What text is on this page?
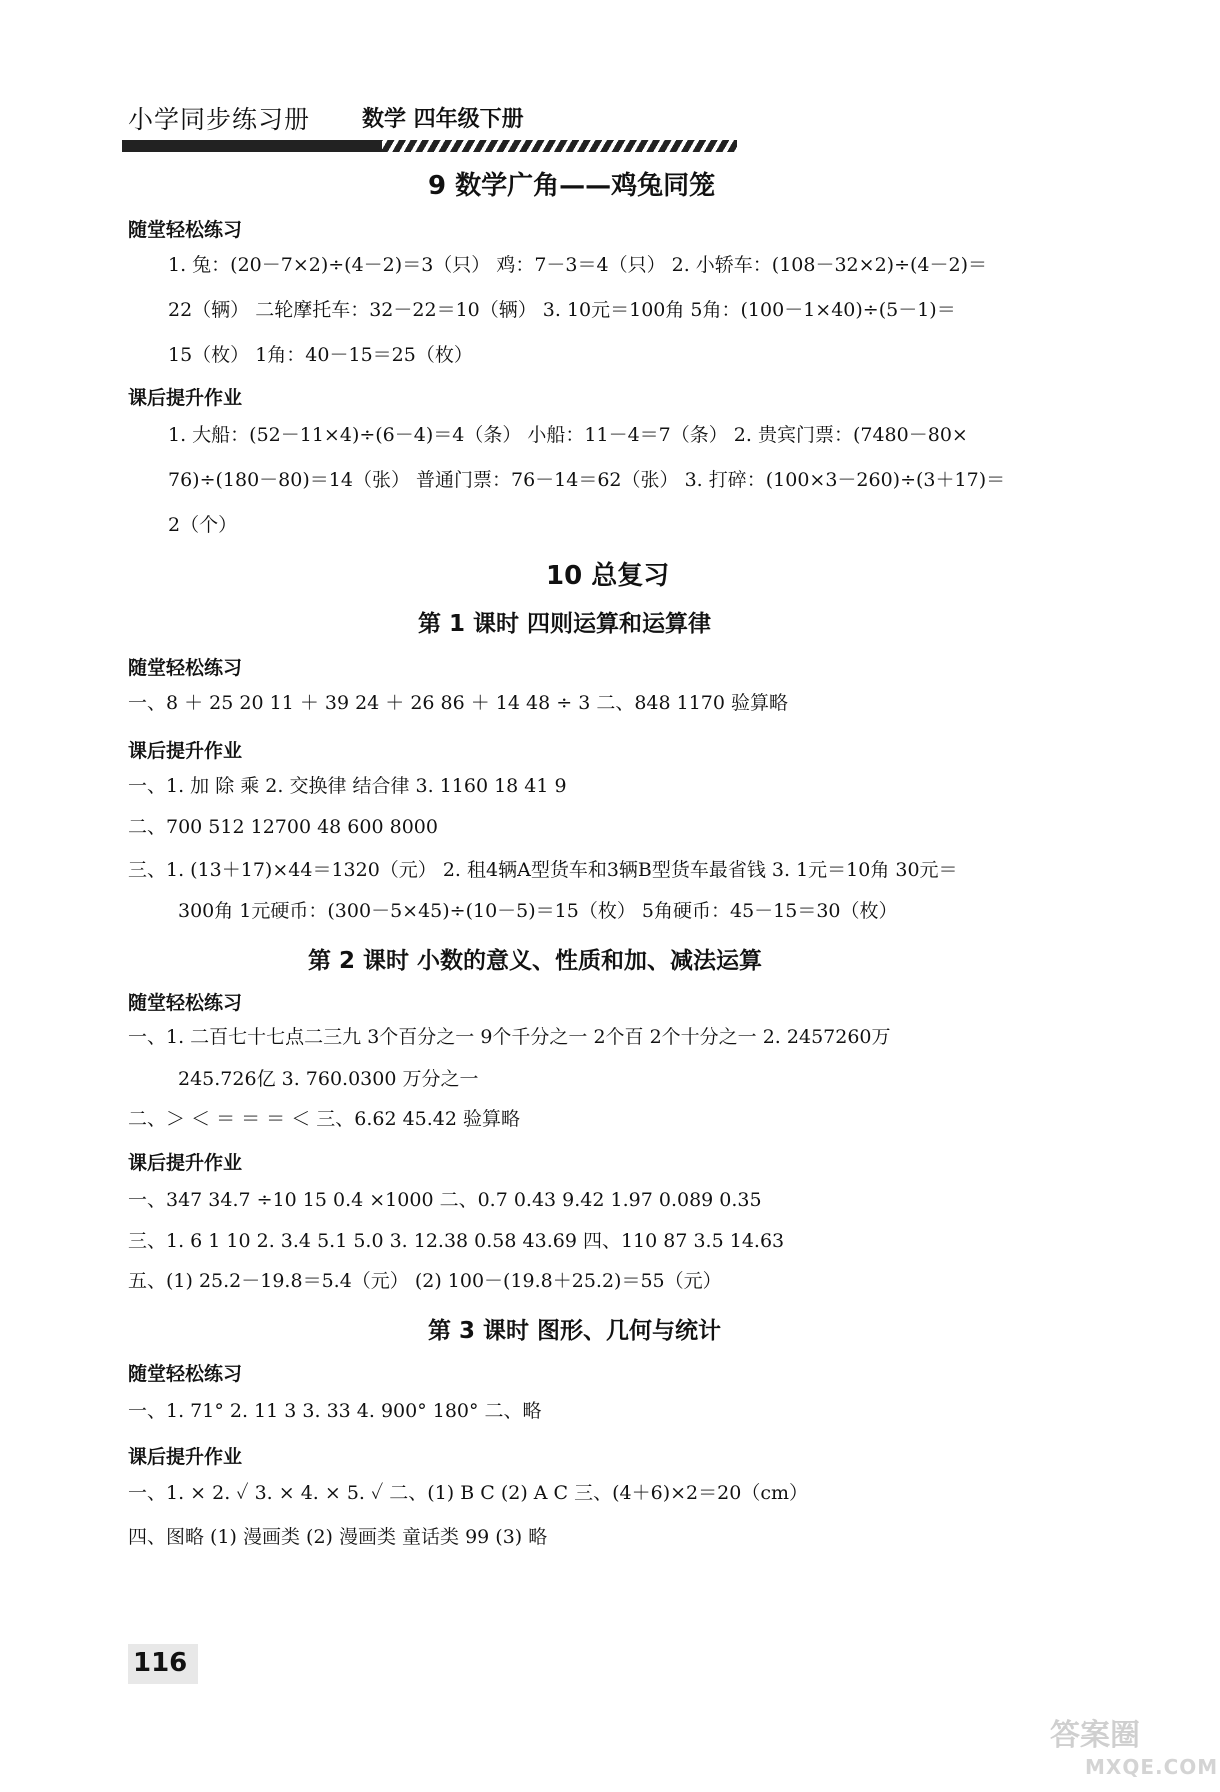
小学同步练习册 数学 四年级下册
9 数学广角——鸡兔同笼
随堂轻松练习
1. 兔：(20－7×2)÷(4－2)＝3（只） 鸡：7－3＝4（只） 2. 小轿车：(108－32×2)÷(4－2)＝
22（辆） 二轮摩托车：32－22＝10（辆） 3. 10元＝100角 5角：(100－1×40)÷(5－1)＝
15（枚） 1角：40－15＝25（枚）
课后提升作业
1. 大船：(52－11×4)÷(6－4)＝4（条） 小船：11－4＝7（条） 2. 贵宾门票：(7480－80×
76)÷(180－80)＝14（张） 普通门票：76－14＝62（张） 3. 打碎：(100×3－260)÷(3＋17)＝
2（个）
10 总复习
第 1 课时 四则运算和运算律
随堂轻松练习
一、8 ＋ 25 20 11 ＋ 39 24 ＋ 26 86 ＋ 14 48 ÷ 3 二、848 1170 验算略
课后提升作业
一、1. 加 除 乘 2. 交换律 结合律 3. 1160 18 41 9
二、700 512 12700 48 600 8000
三、1. (13＋17)×44＝1320（元） 2. 租4辆A型货车和3辆B型货车最省钱 3. 1元＝10角 30元＝
300角 1元硬币：(300－5×45)÷(10－5)＝15（枚） 5角硬币：45－15＝30（枚）
第 2 课时 小数的意义、性质和加、减法运算
随堂轻松练习
一、1. 二百七十七点二三九 3个百分之一 9个千分之一 2个百 2个十分之一 2. 2457260万
245.726亿 3. 760.0300 万分之一
二、＞ ＜ ＝ ＝ ＝ ＜ 三、6.62 45.42 验算略
课后提升作业
一、347 34.7 ÷10 15 0.4 ×1000 二、0.7 0.43 9.42 1.97 0.089 0.35
三、1. 6 1 10 2. 3.4 5.1 5.0 3. 12.38 0.58 43.69 四、110 87 3.5 14.63
五、(1) 25.2－19.8＝5.4（元） (2) 100－(19.8＋25.2)＝55（元）
第 3 课时 图形、几何与统计
随堂轻松练习
一、1. 71° 2. 11 3 3. 33 4. 900° 180° 二、略
课后提升作业
一、1. × 2. ✓ 3. × 4. × 5. ✓ 二、(1) B C (2) A C 三、(4＋6)×2＝20（cm）
四、图略 (1) 漫画类 (2) 漫画类 童话类 99 (3) 略
116
答案圈
MXQE.COM
